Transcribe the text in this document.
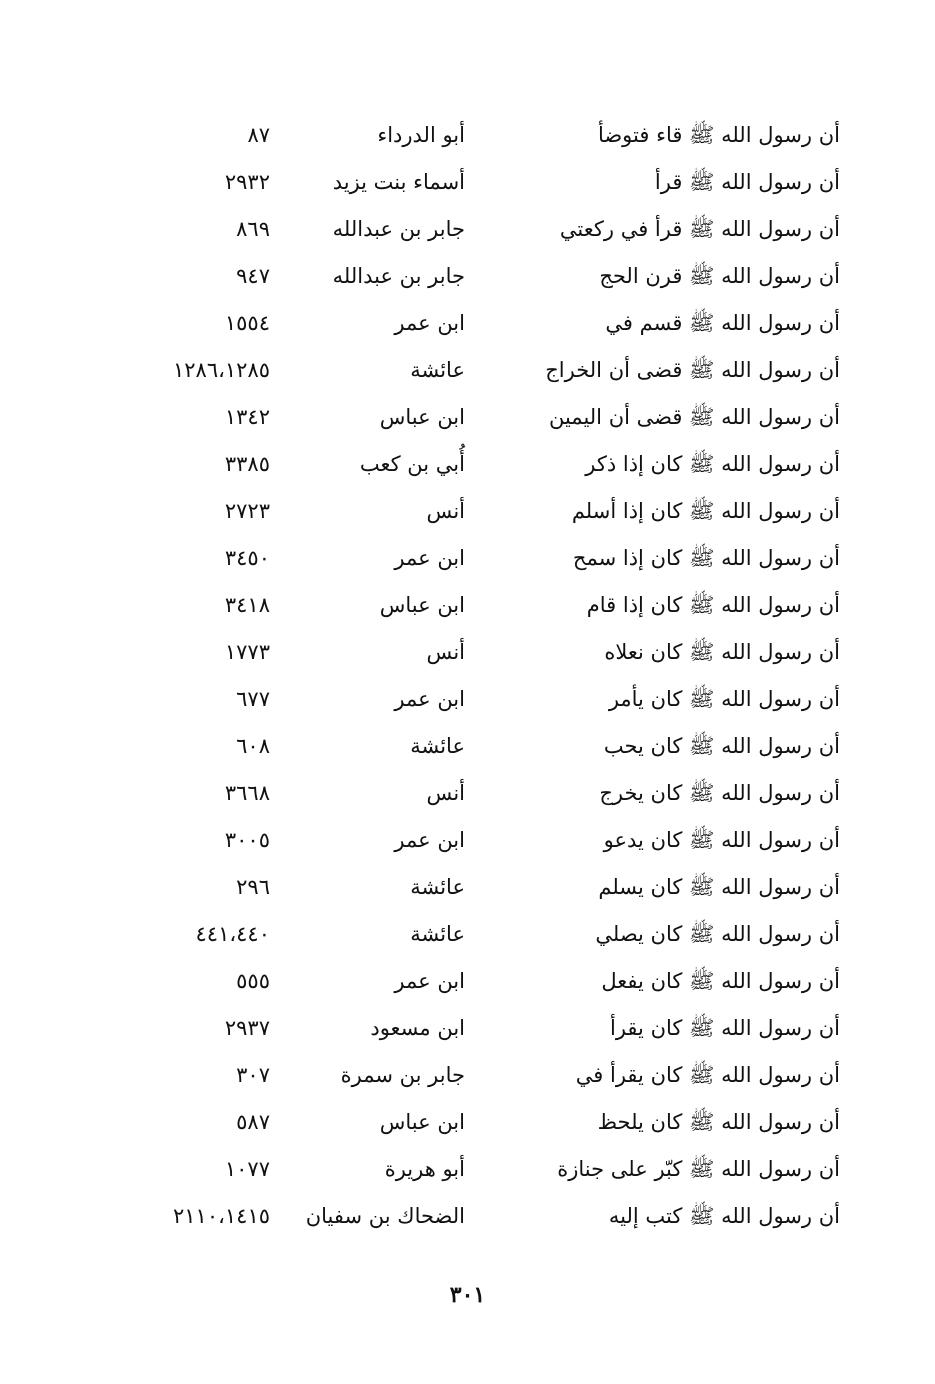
أن رسول الله ﷺ قاء فتوضأ
أبو الدرداء
٨٧
أن رسول الله ﷺ قرأ
أسماء بنت يزيد
٢٩٣٢
أن رسول الله ﷺ قرأ في ركعتي
جابر بن عبدالله
٨٦٩
أن رسول الله ﷺ قرن الحج
جابر بن عبدالله
٩٤٧
أن رسول الله ﷺ قسم في
ابن عمر
١٥٥٤
أن رسول الله ﷺ قضى أن الخراج
عائشة
١٢٨٦،١٢٨٥
أن رسول الله ﷺ قضى أن اليمين
ابن عباس
١٣٤٢
أن رسول الله ﷺ كان إذا ذكر
أُبي بن كعب
٣٣٨٥
أن رسول الله ﷺ كان إذا أسلم
أنس
٢٧٢٣
أن رسول الله ﷺ كان إذا سمح
ابن عمر
٣٤٥٠
أن رسول الله ﷺ كان إذا قام
ابن عباس
٣٤١٨
أن رسول الله ﷺ كان نعلاه
أنس
١٧٧٣
أن رسول الله ﷺ كان يأمر
ابن عمر
٦٧٧
أن رسول الله ﷺ كان يحب
عائشة
٦٠٨
أن رسول الله ﷺ كان يخرج
أنس
٣٦٦٨
أن رسول الله ﷺ كان يدعو
ابن عمر
٣٠٠٥
أن رسول الله ﷺ كان يسلم
عائشة
٢٩٦
أن رسول الله ﷺ كان يصلي
عائشة
٤٤١،٤٤٠
أن رسول الله ﷺ كان يفعل
ابن عمر
٥٥٥
أن رسول الله ﷺ كان يقرأ
ابن مسعود
٢٩٣٧
أن رسول الله ﷺ كان يقرأ في
جابر بن سمرة
٣٠٧
أن رسول الله ﷺ كان يلحظ
ابن عباس
٥٨٧
أن رسول الله ﷺ كبّر على جنازة
أبو هريرة
١٠٧٧
أن رسول الله ﷺ كتب إليه
الضحاك بن سفيان
٢١١٠،١٤١٥
٣٠١
